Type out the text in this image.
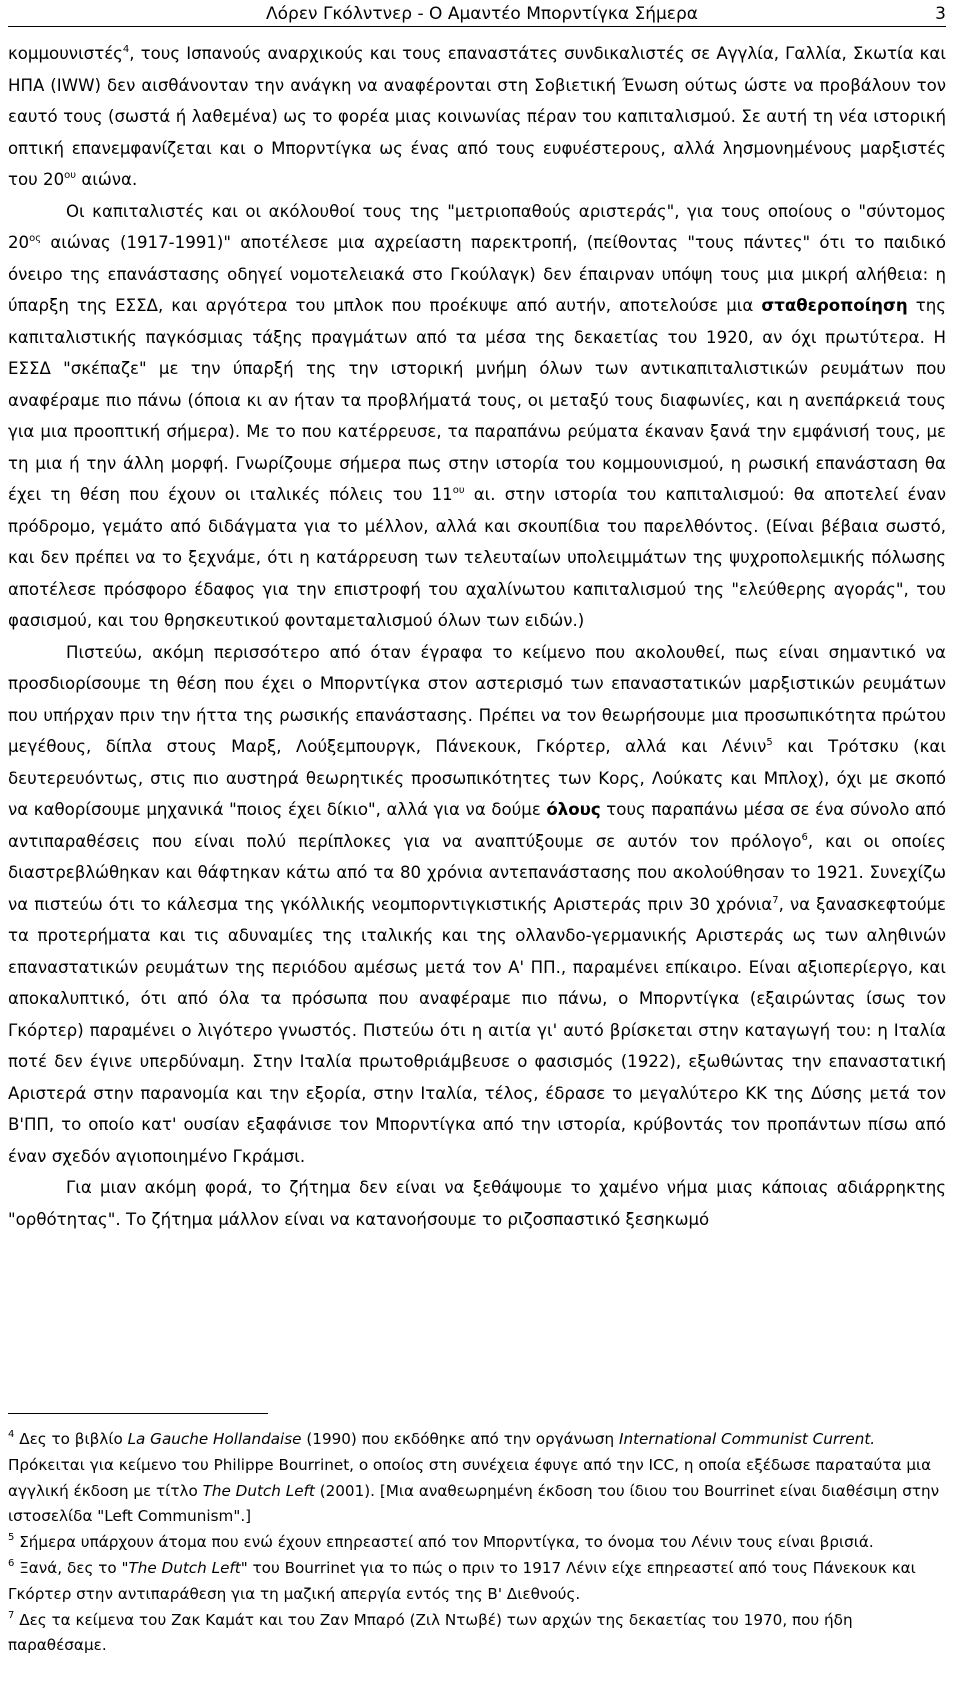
Λόρεν Γκόλντνερ - Ο Αμαντέο Μπορντίγκα Σήμερα	3

κομμουνιστές$^4$, τους Ισπανούς αναρχικούς και τους επαναστάτες συνδικαλιστές σε Αγγλία, Γαλλία, Σκωτία και ΗΠΑ (IWW) δεν αισθάνονταν την ανάγκη να αναφέρονται στη Σοβιετική Ένωση ούτως ώστε να προβάλουν τον εαυτό τους (σωστά ή λαθεμένα) ως το φορέα μιας κοινωνίας πέραν του καπιταλισμού. Σε αυτή τη νέα ιστορική οπτική επανεμφανίζεται και ο Μπορντίγκα ως ένας από τους ευφυέστερους, αλλά λησμονημένους μαρξιστές του $20^{o\upsilon}$ αιώνα.

Οι καπιταλιστές και οι ακόλουθοί τους της "μετριοπαθούς αριστεράς", για τους οποίους ο "σύντομος $20^{o\varsigma}$ αιώνας (1917-1991)" αποτέλεσε μια αχρείαστη παρεκτροπή, (πείθοντας "τους πάντες" ότι το παιδικό όνειρο της επανάστασης οδηγεί νομοτελειακά στο Γκούλαγκ) δεν έπαιρναν υπόψη τους μια μικρή αλήθεια: η ύπαρξη της ΕΣΣΔ, και αργότερα του μπλοκ που προέκυψε από αυτήν, αποτελούσε μια σταθεροποίηση της καπιταλιστικής παγκόσμιας τάξης πραγμάτων από τα μέσα της δεκαετίας του 1920, αν όχι πρωτύτερα. Η ΕΣΣΔ "σκέπαζε" με την ύπαρξή της την ιστορική μνήμη όλων των αντικαπιταλιστικών ρευμάτων που αναφέραμε πιο πάνω (όποια κι αν ήταν τα προβλήματά τους, οι μεταξύ τους διαφωνίες, και η ανεπάρκειά τους για μια προοπτική σήμερα). Με το που κατέρρευσε, τα παραπάνω ρεύματα έκαναν ξανά την εμφάνισή τους, με τη μια ή την άλλη μορφή. Γνωρίζουμε σήμερα πως στην ιστορία του κομμουνισμού, η ρωσική επανάσταση θα έχει τη θέση που έχουν οι ιταλικές πόλεις του $11^{o\upsilon}$ αι. στην ιστορία του καπιταλισμού: θα αποτελεί έναν πρόδρομο, γεμάτο από διδάγματα για το μέλλον, αλλά και σκουπίδια του παρελθόντος. (Είναι βέβαια σωστό, και δεν πρέπει να το ξεχνάμε, ότι η κατάρρευση των τελευταίων υπολειμμάτων της ψυχροπολεμικής πόλωσης αποτέλεσε πρόσφορο έδαφος για την επιστροφή του αχαλίνωτου καπιταλισμού της "ελεύθερης αγοράς", του φασισμού, και του θρησκευτικού φονταμεταλισμού όλων των ειδών.)

Πιστεύω, ακόμη περισσότερο από όταν έγραφα το κείμενο που ακολουθεί, πως είναι σημαντικό να προσδιορίσουμε τη θέση που έχει ο Μπορντίγκα στον αστερισμό των επαναστατικών μαρξιστικών ρευμάτων που υπήρχαν πριν την ήττα της ρωσικής επανάστασης. Πρέπει να τον θεωρήσουμε μια προσωπικότητα πρώτου μεγέθους, δίπλα στους Μαρξ, Λούξεμπουργκ, Πάνεκουκ, Γκόρτερ, αλλά και Λένιν$^5$ και Τρότσκυ (και δευτερευόντως, στις πιο αυστηρά θεωρητικές προσωπικότητες των Κορς, Λούκατς και Μπλοχ), όχι με σκοπό να καθορίσουμε μηχανικά "ποιος έχει δίκιο", αλλά για να δούμε όλους τους παραπάνω μέσα σε ένα σύνολο από αντιπαραθέσεις που είναι πολύ περίπλοκες για να αναπτύξουμε σε αυτόν τον πρόλογο$^6$, και οι οποίες διαστρεβλώθηκαν και θάφτηκαν κάτω από τα 80 χρόνια αντεπανάστασης που ακολούθησαν το 1921. Συνεχίζω να πιστεύω ότι το κάλεσμα της γκόλλικής νεομπορντιγκιστικής Αριστεράς πριν 30 χρόνια$^7$, να ξανασκεφτούμε τα προτερήματα και τις αδυναμίες της ιταλικής και της ολλανδο-γερμανικής Αριστεράς ως των αληθινών επαναστατικών ρευμάτων της περιόδου αμέσως μετά τον Α' ΠΠ., παραμένει επίκαιρο. Είναι αξιοπερίεργο, και αποκαλυπτικό, ότι από όλα τα πρόσωπα που αναφέραμε πιο πάνω, ο Μπορντίγκα (εξαιρώντας ίσως τον Γκόρτερ) παραμένει ο λιγότερο γνωστός. Πιστεύω ότι η αιτία γι' αυτό βρίσκεται στην καταγωγή του: η Ιταλία ποτέ δεν έγινε υπερδύναμη. Στην Ιταλία πρωτοθριάμβευσε ο φασισμός (1922), εξωθώντας την επαναστατική Αριστερά στην παρανομία και την εξορία, στην Ιταλία, τέλος, έδρασε το μεγαλύτερο ΚΚ της Δύσης μετά τον Β'ΠΠ, το οποίο κατ' ουσίαν εξαφάνισε τον Μπορντίγκα από την ιστορία, κρύβοντάς τον προπάντων πίσω από έναν σχεδόν αγιοποιημένο Γκράμσι.

Για μιαν ακόμη φορά, το ζήτημα δεν είναι να ξεθάψουμε το χαμένο νήμα μιας κάποιας αδιάρρηκτης "ορθότητας". Το ζήτημα μάλλον είναι να κατανοήσουμε το ριζοσπαστικό ξεσηκωμό

$^4$ Δες το βιβλίο La Gauche Hollandaise (1990) που εκδόθηκε από την οργάνωση International Communist Current. Πρόκειται για κείμενο του Philippe Bourrinet, ο οποίος στη συνέχεια έφυγε από την ICC, η οποία εξέδωσε παραταύτα μια αγγλική έκδοση με τίτλο The Dutch Left (2001). [Μια αναθεωρημένη έκδοση του ίδιου του Bourrinet είναι διαθέσιμη στην ιστοσελίδα "Left Communism".]

$^5$ Σήμερα υπάρχουν άτομα που ενώ έχουν επηρεαστεί από τον Μπορντίγκα, το όνομα του Λένιν τους είναι βρισιά.

$^6$ Ξανά, δες το "The Dutch Left" του Bourrinet για το πώς ο πριν το 1917 Λένιν είχε επηρεαστεί από τους Πάνεκουκ και Γκόρτερ στην αντιπαράθεση για τη μαζική απεργία εντός της Β' Διεθνούς.

$^7$ Δες τα κείμενα του Ζακ Καμάτ και του Ζαν Μπαρό (Ζιλ Ντωβέ) των αρχών της δεκαετίας του 1970, που ήδη παραθέσαμε.
